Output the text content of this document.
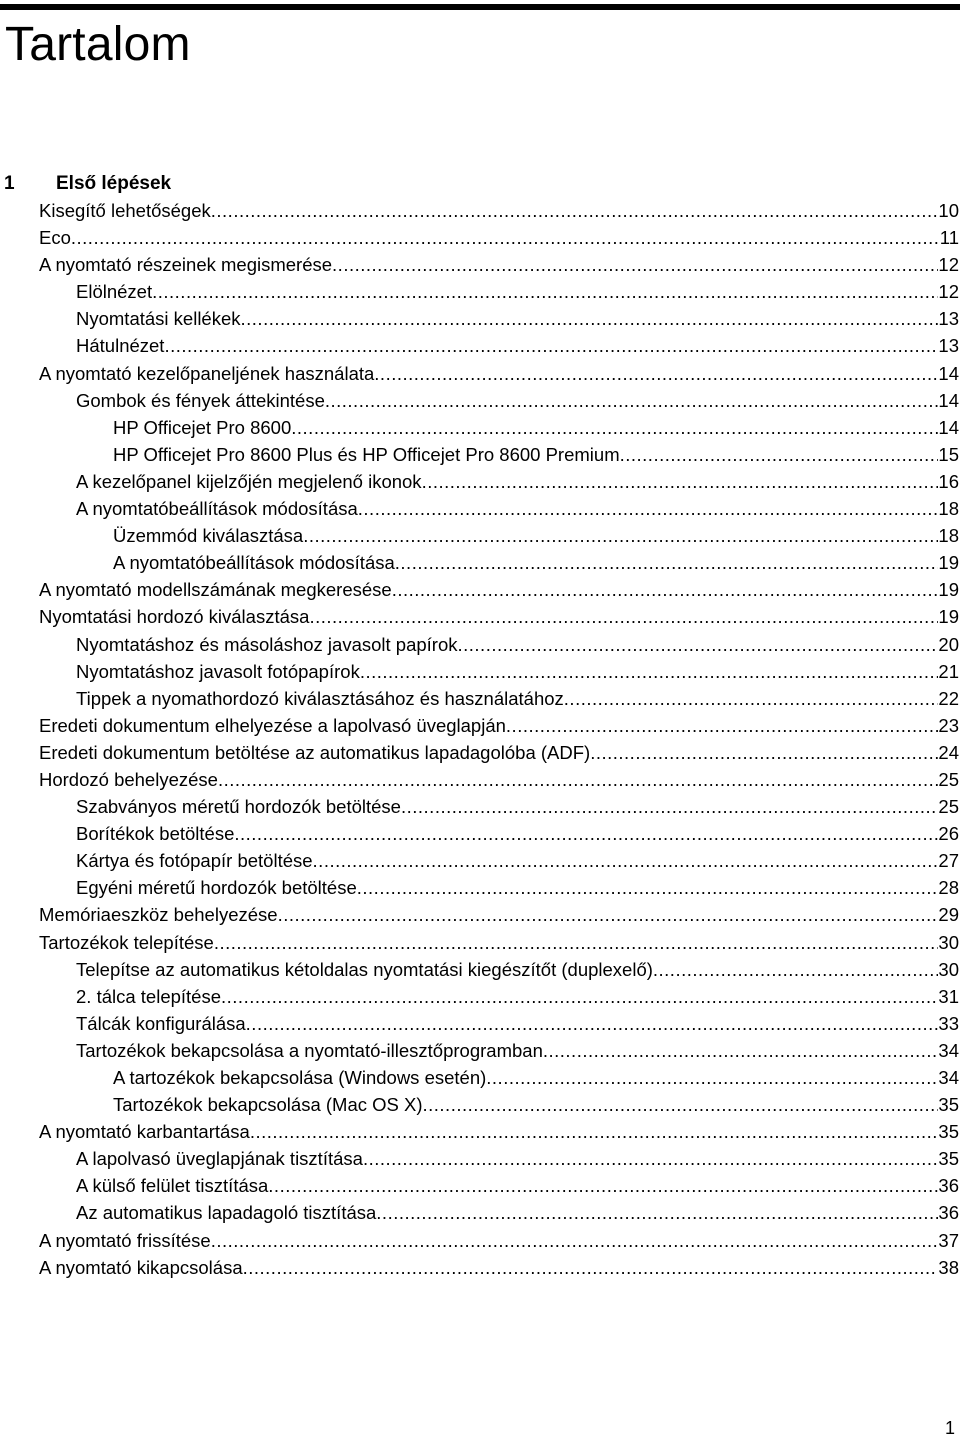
Tartalom
1 Első lépések
Kisegítő lehetőségek .....	10
Eco .....	11
A nyomtató részeinek megismerése .....	12
Elölnézet .....	12
Nyomtatási kellékek .....	13
Hátulnézet .....	13
A nyomtató kezelőpaneljének használata .....	14
Gombok és fények áttekintése .....	14
HP Officejet Pro 8600 .....	14
HP Officejet Pro 8600 Plus és HP Officejet Pro 8600 Premium .....	15
A kezelőpanel kijelzőjén megjelenő ikonok .....	16
A nyomtatóbeállítások módosítása .....	18
Üzemmód kiválasztása .....	18
A nyomtatóbeállítások módosítása .....	19
A nyomtató modellszámának megkeresése .....	19
Nyomtatási hordozó kiválasztása .....	19
Nyomtatáshoz és másoláshoz javasolt papírok .....	20
Nyomtatáshoz javasolt fotópapírok .....	21
Tippek a nyomathordozó kiválasztásához és használatához .....	22
Eredeti dokumentum elhelyezése a lapolvasó üveglapján .....	23
Eredeti dokumentum betöltése az automatikus lapadagolóba (ADF) .....	24
Hordozó behelyezése .....	25
Szabványos méretű hordozók betöltése .....	25
Borítékok betöltése .....	26
Kártya és fotópapír betöltése .....	27
Egyéni méretű hordozók betöltése .....	28
Memóriaeszköz behelyezése .....	29
Tartozékok telepítése .....	30
Telepítse az automatikus kétoldalas nyomtatási kiegészítőt (duplexelő) .....	30
2. tálca telepítése .....	31
Tálcák konfigurálása .....	33
Tartozékok bekapcsolása a nyomtató-illesztőprogramban .....	34
A tartozékok bekapcsolása (Windows esetén) .....	34
Tartozékok bekapcsolása (Mac OS X) .....	35
A nyomtató karbantartása .....	35
A lapolvasó üveglapjának tisztítása .....	35
A külső felület tisztítása .....	36
Az automatikus lapadagoló tisztítása .....	36
A nyomtató frissítése .....	37
A nyomtató kikapcsolása .....	38
1
